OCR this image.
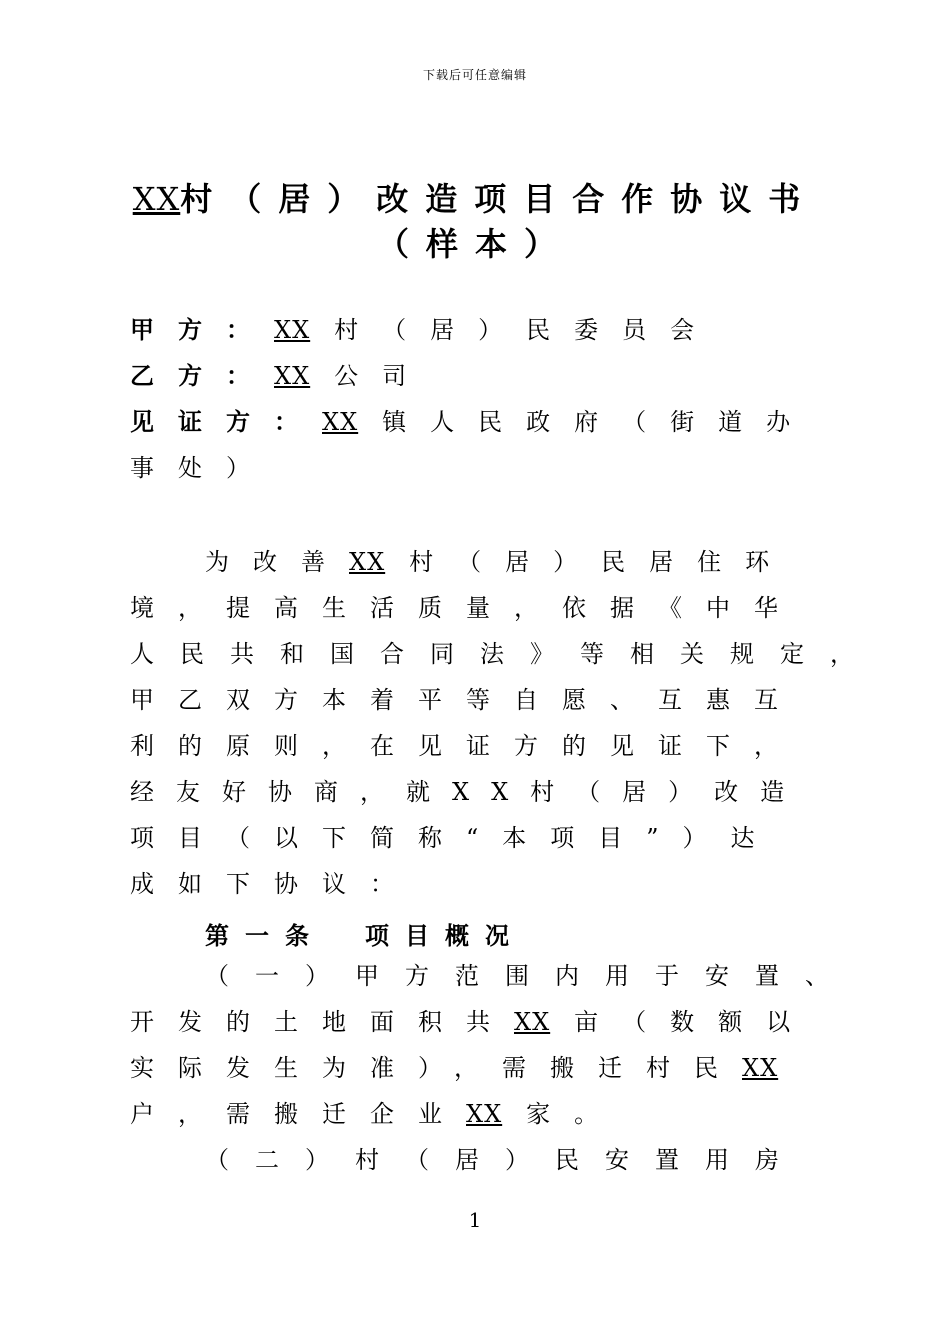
下载后可任意编辑
XX村（居）改造项目合作协议书
（样本）
甲方：XX 村（居）民委员会
乙方：XX 公司
见证方：XX 镇人民政府（街道办
事处）
为改善XX 村（居）民居住环
境，提高生活质量，依据《中华
人民共和国合同法》等相关规定，
甲乙双方本着平等自愿、互惠互
利的原则，在见证方的见证下，
经友好协商，就XX村（居）改造
项目（以下简称“本项目”）达
成如下协议：
第一条　项目概况
（一）甲方范围内用于安置、
开发的土地面积共XX 亩（数额以
实际发生为准），需搬迁村民XX
户，需搬迁企业XX 家。
（二）村（居）民安置用房
1
